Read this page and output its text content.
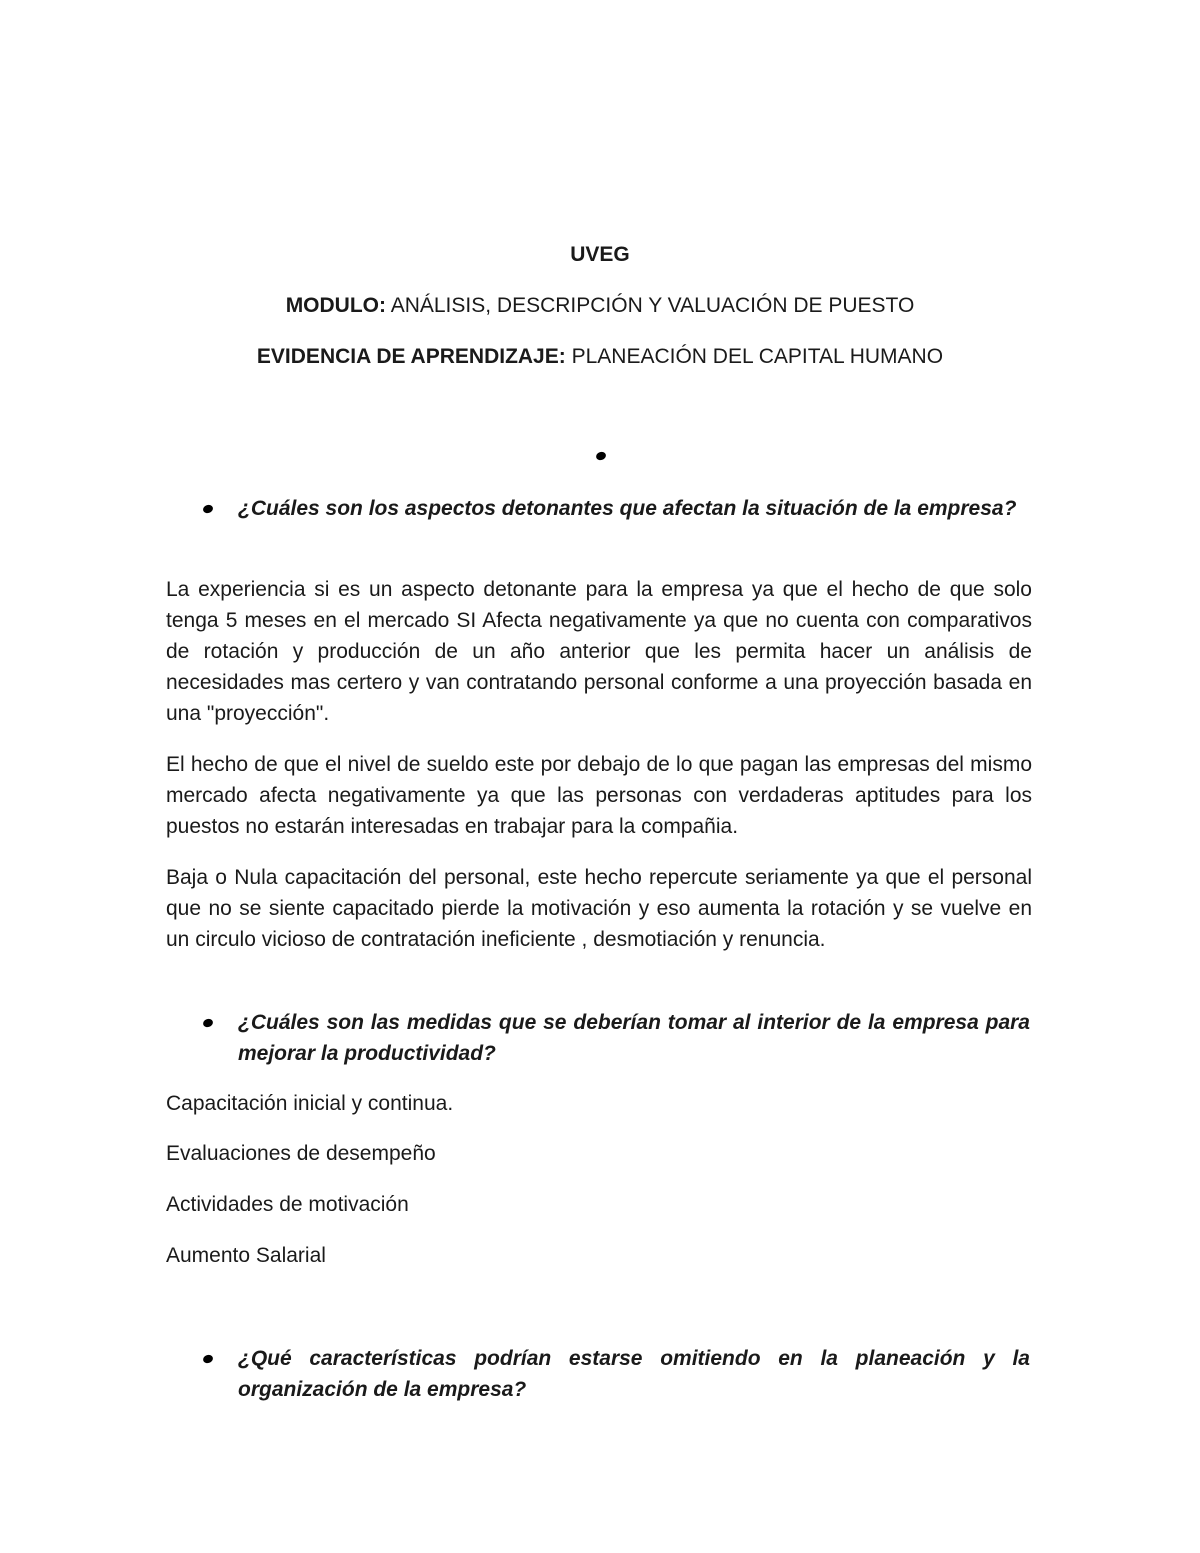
UVEG
MODULO: ANÁLISIS, DESCRIPCIÓN Y VALUACIÓN DE PUESTO
EVIDENCIA DE APRENDIZAJE: PLANEACIÓN DEL CAPITAL HUMANO
¿Cuáles son los aspectos detonantes que afectan la situación de la empresa?

La experiencia si es un aspecto detonante para la empresa ya que el hecho de que solo tenga 5 meses en el mercado SI Afecta negativamente ya que no cuenta con comparativos de rotación y producción de un año anterior que les permita hacer un análisis de necesidades mas certero y van contratando personal conforme a una proyección basada en una "proyección".

El hecho de que el nivel de sueldo este por debajo de lo que pagan las empresas del mismo mercado afecta negativamente ya que las personas con verdaderas aptitudes para los puestos no estarán interesadas en trabajar para la compañia.

Baja o Nula capacitación del personal, este hecho repercute seriamente ya que el personal que no se siente capacitado pierde la motivación y eso aumenta la rotación y se vuelve en un circulo vicioso de contratación ineficiente , desmotiación y renuncia.

¿Cuáles son las medidas que se deberían tomar al interior de la empresa para mejorar la productividad?

Capacitación inicial y continua.

Evaluaciones de desempeño

Actividades de motivación

Aumento Salarial

¿Qué características podrían estarse omitiendo en la planeación y la organización de la empresa?
